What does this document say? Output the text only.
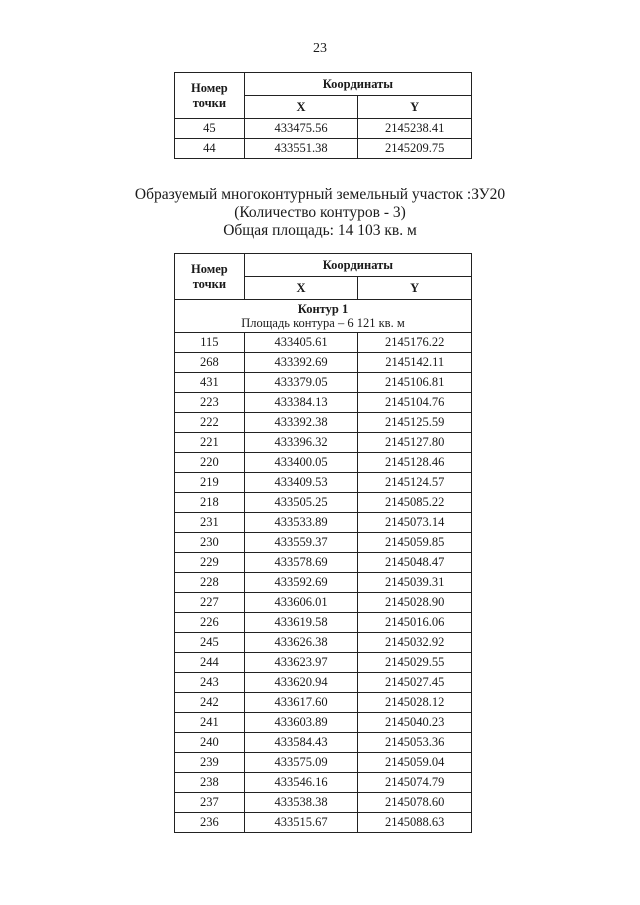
23
Номер точки	Координаты	
	X	Y
45	433475.56	2145238.41
44	433551.38	2145209.75
Образуемый многоконтурный земельный участок :ЗУ20
(Количество контуров - 3)
Общая площадь: 14 103 кв. м
Номер точки	Координаты	
	X	Y

Контур 1
Площадь контура – 6 121 кв. м		

115	433405.61	2145176.22
268	433392.69	2145142.11
431	433379.05	2145106.81
223	433384.13	2145104.76
222	433392.38	2145125.59
221	433396.32	2145127.80
220	433400.05	2145128.46
219	433409.53	2145124.57
218	433505.25	2145085.22
231	433533.89	2145073.14
230	433559.37	2145059.85
229	433578.69	2145048.47
228	433592.69	2145039.31
227	433606.01	2145028.90
226	433619.58	2145016.06
245	433626.38	2145032.92
244	433623.97	2145029.55
243	433620.94	2145027.45
242	433617.60	2145028.12
241	433603.89	2145040.23
240	433584.43	2145053.36
239	433575.09	2145059.04
238	433546.16	2145074.79
237	433538.38	2145078.60
236	433515.67	2145088.63
